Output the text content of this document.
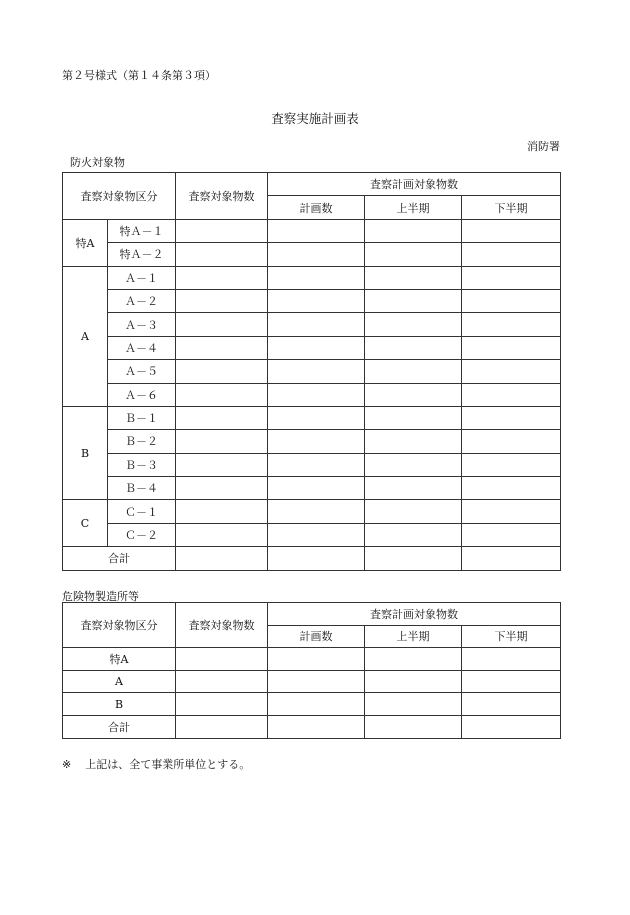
第２号様式（第１４条第３項）
査察実施計画表
消防署
防火対象物
査察対象物区分		査察対象物数	査察計画対象物数		
			計画数	上半期	下半期
特A	特Ａ－１				
	特Ａ－２				
A	Ａ－１				
	Ａ－２				
	Ａ－３				
	Ａ－４				
	Ａ－５				
	Ａ－６				
B	Ｂ－１				
	Ｂ－２				
	Ｂ－３				
	Ｂ－４				
C	Ｃ－１				
	Ｃ－２				
合計					
危険物製造所等
査察対象物区分	査察対象物数	査察計画対象物数		
		計画数	上半期	下半期
特A				
A				
B				
合計				
※ 上記は、全て事業所単位とする。
